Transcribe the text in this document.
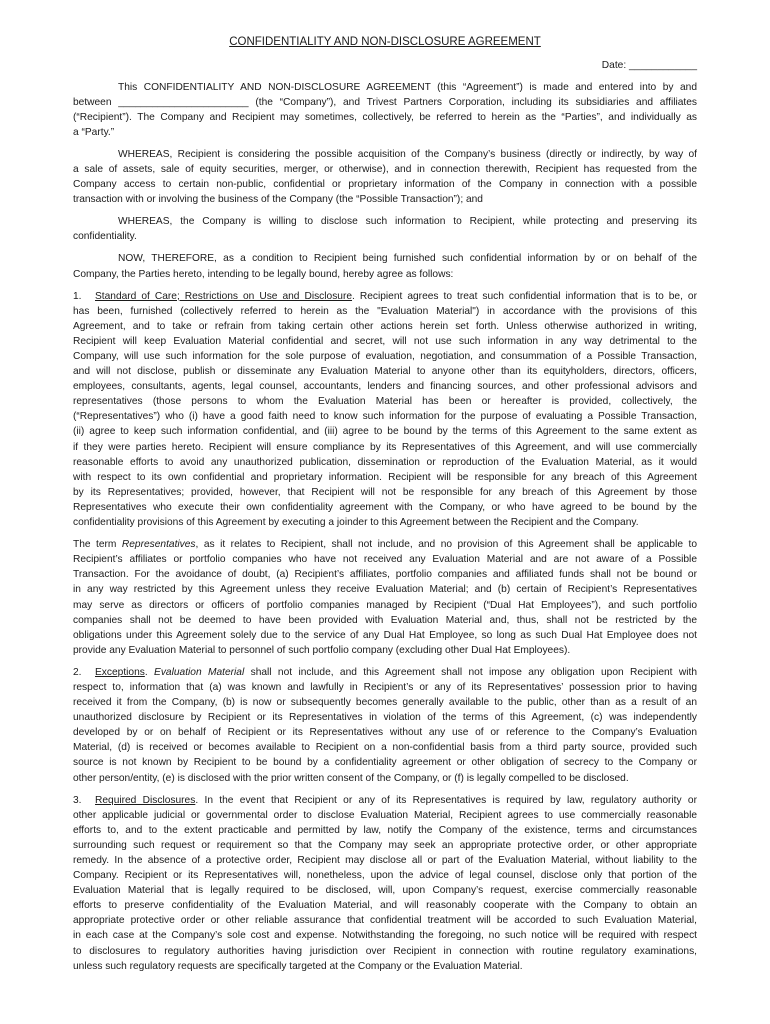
CONFIDENTIALITY AND NON-DISCLOSURE AGREEMENT
Date: ____________
This CONFIDENTIALITY AND NON-DISCLOSURE AGREEMENT (this “Agreement”) is made and entered into by and
between _______________________ (the “Company”), and Trivest Partners Corporation, including its subsidiaries and affiliates
(“Recipient”). The Company and Recipient may sometimes, collectively, be referred to herein as the “Parties”, and individually as
a “Party.”
WHEREAS, Recipient is considering the possible acquisition of the Company’s business (directly or indirectly, by way of
a sale of assets, sale of equity securities, merger, or otherwise), and in connection therewith, Recipient has requested from the
Company access to certain non-public, confidential or proprietary information of the Company in connection with a possible
transaction with or involving the business of the Company (the “Possible Transaction”); and
WHEREAS, the Company is willing to disclose such information to Recipient, while protecting and preserving its
confidentiality.
NOW, THEREFORE, as a condition to Recipient being furnished such confidential information by or on behalf of the
Company, the Parties hereto, intending to be legally bound, hereby agree as follows:
1. Standard of Care; Restrictions on Use and Disclosure. Recipient agrees to treat such confidential information that is to be, or
has been, furnished (collectively referred to herein as the "Evaluation Material") in accordance with the provisions of this
Agreement, and to take or refrain from taking certain other actions herein set forth. Unless otherwise authorized in writing,
Recipient will keep Evaluation Material confidential and secret, will not use such information in any way detrimental to the
Company, will use such information for the sole purpose of evaluation, negotiation, and consummation of a Possible Transaction,
and will not disclose, publish or disseminate any Evaluation Material to anyone other than its equityholders, directors, officers,
employees, consultants, agents, legal counsel, accountants, lenders and financing sources, and other professional advisors and
representatives (those persons to whom the Evaluation Material has been or hereafter is provided, collectively, the
(“Representatives”) who (i) have a good faith need to know such information for the purpose of evaluating a Possible Transaction,
(ii) agree to keep such information confidential, and (iii) agree to be bound by the terms of this Agreement to the same extent as
if they were parties hereto. Recipient will ensure compliance by its Representatives of this Agreement, and will use commercially
reasonable efforts to avoid any unauthorized publication, dissemination or reproduction of the Evaluation Material, as it would
with respect to its own confidential and proprietary information. Recipient will be responsible for any breach of this Agreement
by its Representatives; provided, however, that Recipient will not be responsible for any breach of this Agreement by those
Representatives who execute their own confidentiality agreement with the Company, or who have agreed to be bound by the
confidentiality provisions of this Agreement by executing a joinder to this Agreement between the Recipient and the Company.
The term Representatives, as it relates to Recipient, shall not include, and no provision of this Agreement shall be applicable to
Recipient’s affiliates or portfolio companies who have not received any Evaluation Material and are not aware of a Possible
Transaction. For the avoidance of doubt, (a) Recipient’s affiliates, portfolio companies and affiliated funds shall not be bound or
in any way restricted by this Agreement unless they receive Evaluation Material; and (b) certain of Recipient’s Representatives
may serve as directors or officers of portfolio companies managed by Recipient (“Dual Hat Employees”), and such portfolio
companies shall not be deemed to have been provided with Evaluation Material and, thus, shall not be restricted by the
obligations under this Agreement solely due to the service of any Dual Hat Employee, so long as such Dual Hat Employee does not
provide any Evaluation Material to personnel of such portfolio company (excluding other Dual Hat Employees).
2. Exceptions. Evaluation Material shall not include, and this Agreement shall not impose any obligation upon Recipient with
respect to, information that (a) was known and lawfully in Recipient’s or any of its Representatives’ possession prior to having
received it from the Company, (b) is now or subsequently becomes generally available to the public, other than as a result of an
unauthorized disclosure by Recipient or its Representatives in violation of the terms of this Agreement, (c) was independently
developed by or on behalf of Recipient or its Representatives without any use of or reference to the Company’s Evaluation
Material, (d) is received or becomes available to Recipient on a non-confidential basis from a third party source, provided such
source is not known by Recipient to be bound by a confidentiality agreement or other obligation of secrecy to the Company or
other person/entity, (e) is disclosed with the prior written consent of the Company, or (f) is legally compelled to be disclosed.
3. Required Disclosures. In the event that Recipient or any of its Representatives is required by law, regulatory authority or
other applicable judicial or governmental order to disclose Evaluation Material, Recipient agrees to use commercially reasonable
efforts to, and to the extent practicable and permitted by law, notify the Company of the existence, terms and circumstances
surrounding such request or requirement so that the Company may seek an appropriate protective order, or other appropriate
remedy. In the absence of a protective order, Recipient may disclose all or part of the Evaluation Material, without liability to the
Company. Recipient or its Representatives will, nonetheless, upon the advice of legal counsel, disclose only that portion of the
Evaluation Material that is legally required to be disclosed, will, upon Company’s request, exercise commercially reasonable
efforts to preserve confidentiality of the Evaluation Material, and will reasonably cooperate with the Company to obtain an
appropriate protective order or other reliable assurance that confidential treatment will be accorded to such Evaluation Material,
in each case at the Company’s sole cost and expense. Notwithstanding the foregoing, no such notice will be required with respect
to disclosures to regulatory authorities having jurisdiction over Recipient in connection with routine regulatory examinations,
unless such regulatory requests are specifically targeted at the Company or the Evaluation Material.
